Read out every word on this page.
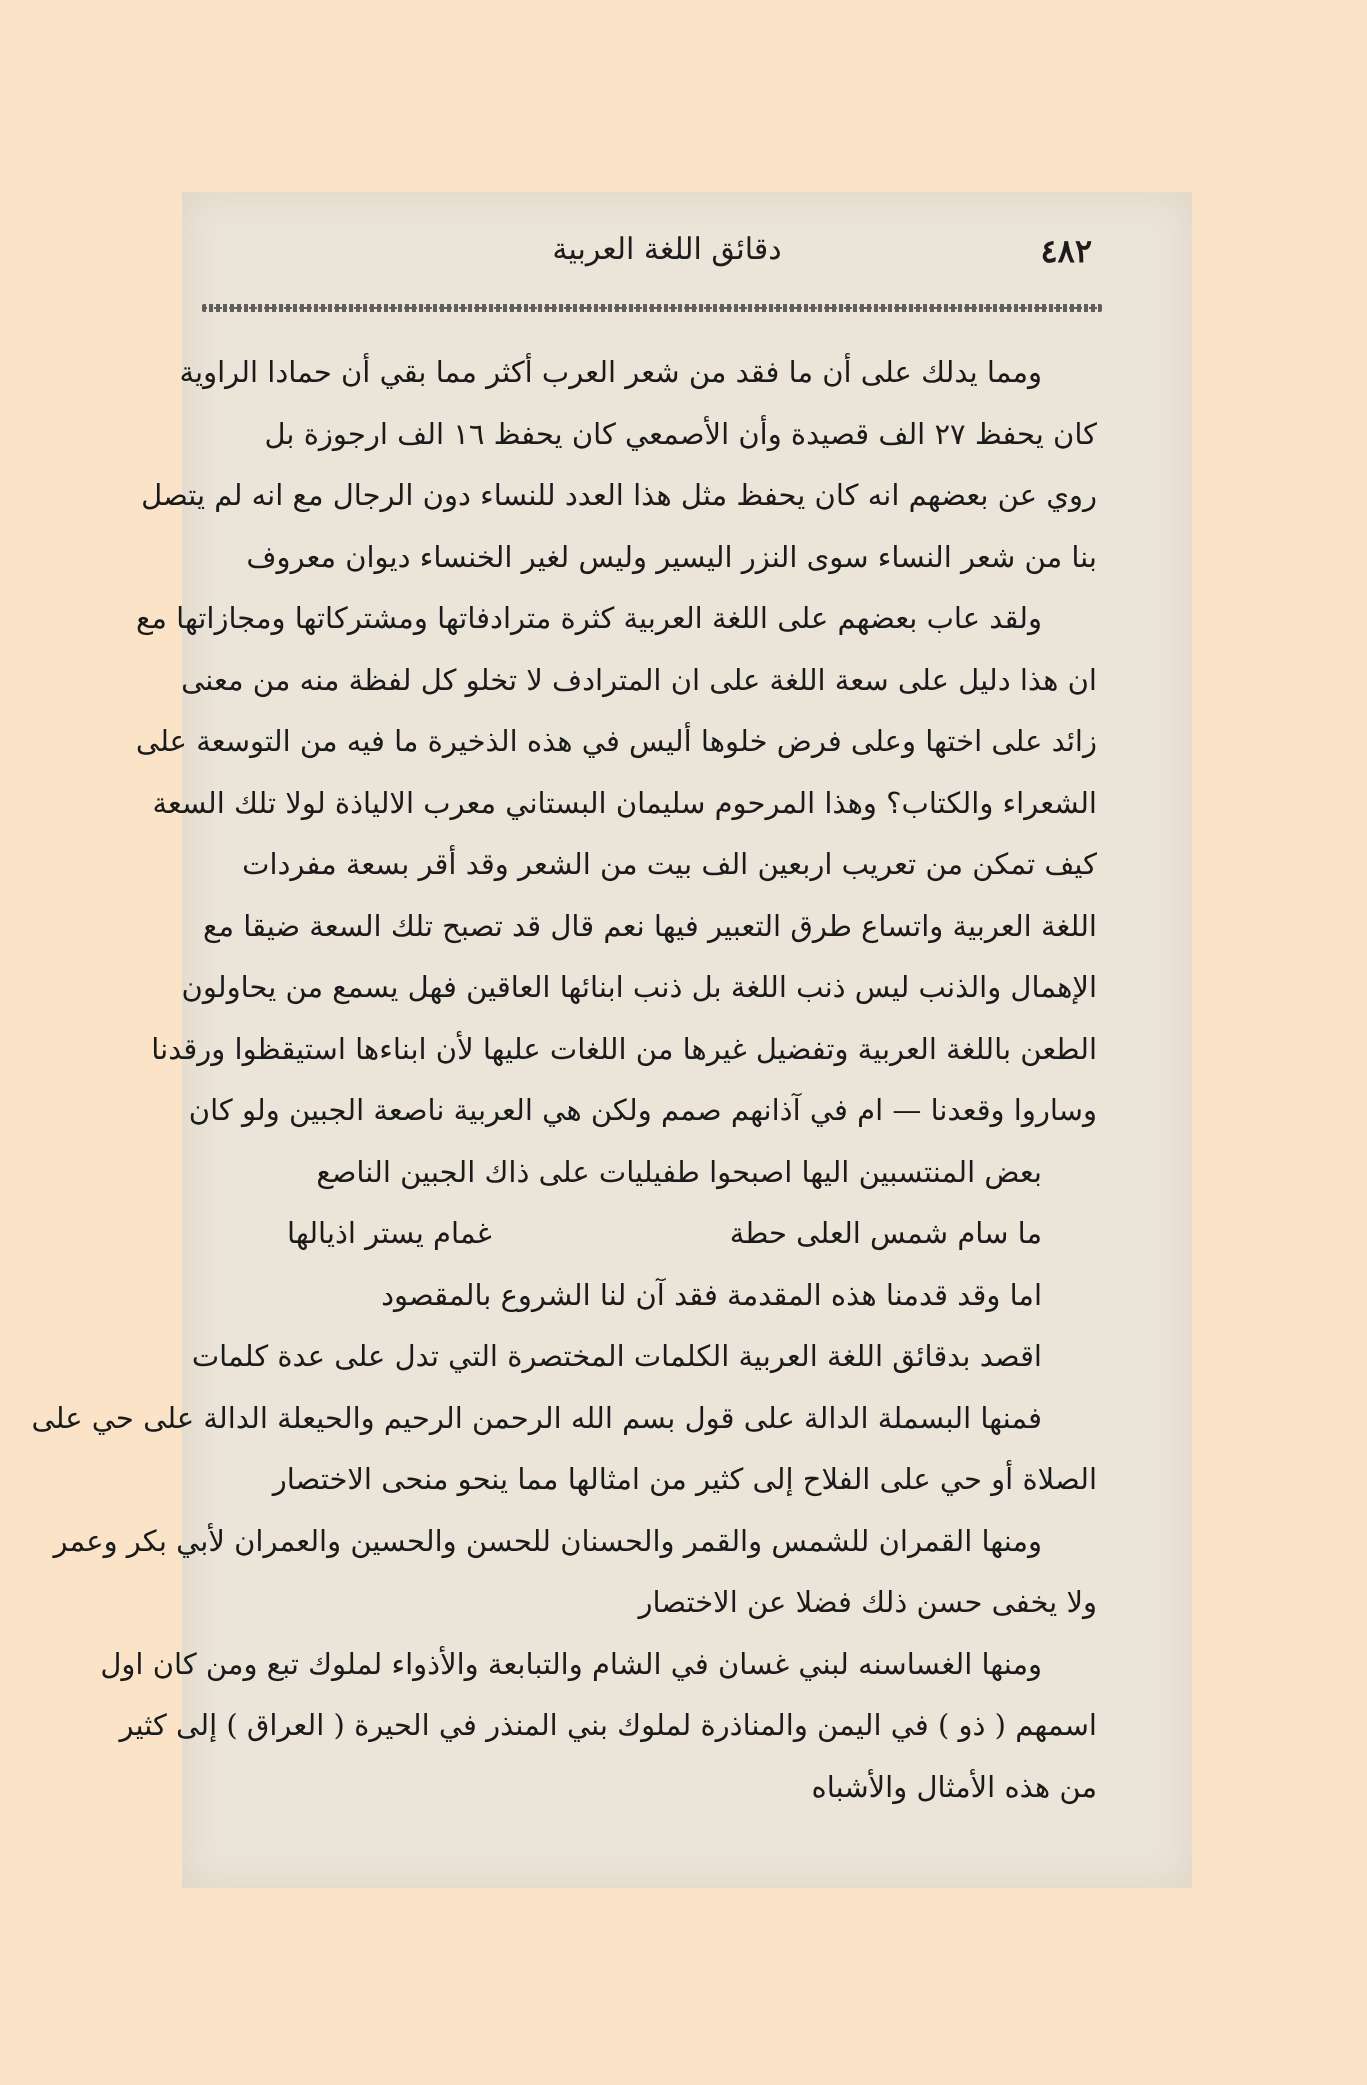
٤٨٢
دقائق اللغة العربية
ومما يدلك على أن ما فقد من شعر العرب أكثر مما بقي أن حمادا الراوية
كان يحفظ ٢٧ الف قصيدة وأن الأصمعي كان يحفظ ١٦ الف ارجوزة بل
روي عن بعضهم انه كان يحفظ مثل هذا العدد للنساء دون الرجال مع انه لم يتصل
بنا من شعر النساء سوى النزر اليسير وليس لغير الخنساء ديوان معروف
ولقد عاب بعضهم على اللغة العربية كثرة مترادفاتها ومشتركاتها ومجازاتها مع
ان هذا دليل على سعة اللغة على ان المترادف لا تخلو كل لفظة منه من معنى
زائد على اختها وعلى فرض خلوها أليس في هذه الذخيرة ما فيه من التوسعة على
الشعراء والكتاب؟ وهذا المرحوم سليمان البستاني معرب الالياذة لولا تلك السعة
كيف تمكن من تعريب اربعين الف بيت من الشعر وقد أقر بسعة مفردات
اللغة العربية واتساع طرق التعبير فيها نعم قال قد تصبح تلك السعة ضيقا مع
الإهمال والذنب ليس ذنب اللغة بل ذنب ابنائها العاقين فهل يسمع من يحاولون
الطعن باللغة العربية وتفضيل غيرها من اللغات عليها لأن ابناءها استيقظوا ورقدنا
وساروا وقعدنا — ام في آذانهم صمم ولكن هي العربية ناصعة الجبين ولو كان
بعض المنتسبين اليها اصبحوا طفيليات على ذاك الجبين الناصع
ما سام شمس العلى حطة
غمام يستر اذيالها
اما وقد قدمنا هذه المقدمة فقد آن لنا الشروع بالمقصود
اقصد بدقائق اللغة العربية الكلمات المختصرة التي تدل على عدة كلمات
فمنها البسملة الدالة على قول بسم الله الرحمن الرحيم والحيعلة الدالة على حي على
الصلاة أو حي على الفلاح إلى كثير من امثالها مما ينحو منحى الاختصار
ومنها القمران للشمس والقمر والحسنان للحسن والحسين والعمران لأبي بكر وعمر
ولا يخفى حسن ذلك فضلا عن الاختصار
ومنها الغساسنه لبني غسان في الشام والتبابعة والأذواء لملوك تبع ومن كان اول
اسمهم ( ذو ) في اليمن والمناذرة لملوك بني المنذر في الحيرة ( العراق ) إلى كثير
من هذه الأمثال والأشباه
